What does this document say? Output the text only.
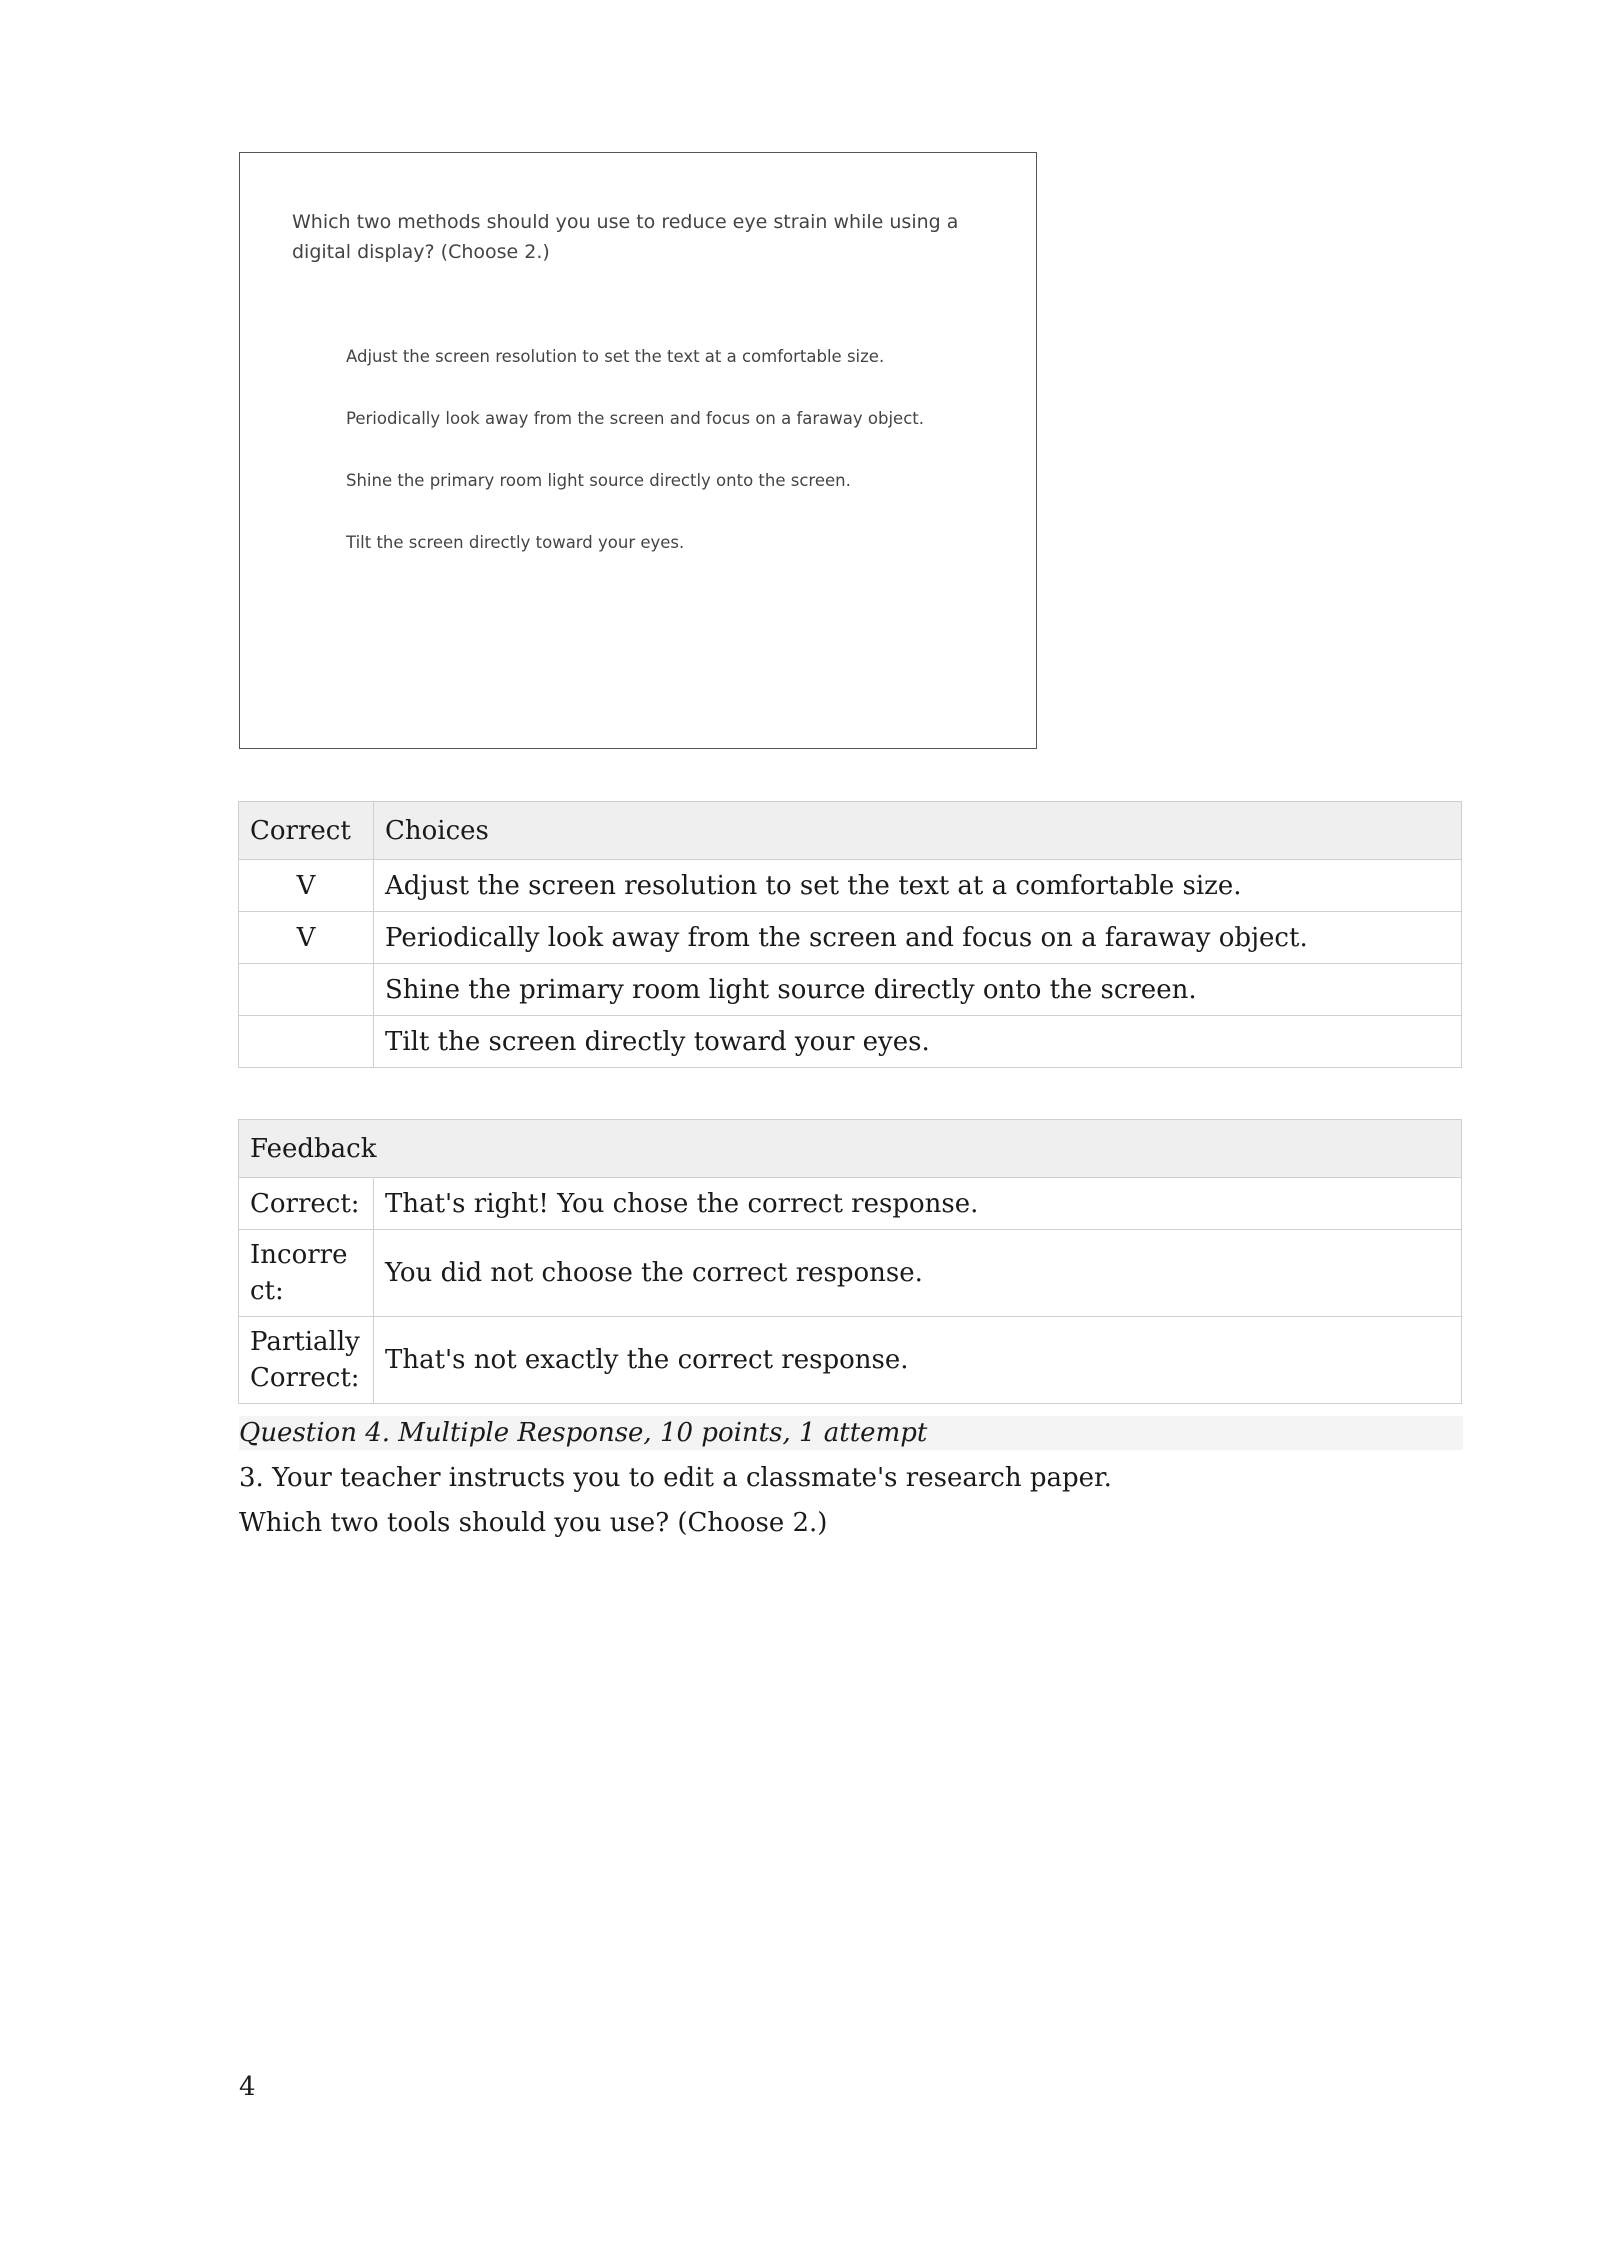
Which two methods should you use to reduce eye strain while using a digital display? (Choose 2.)
Adjust the screen resolution to set the text at a comfortable size.
Periodically look away from the screen and focus on a faraway object.
Shine the primary room light source directly onto the screen.
Tilt the screen directly toward your eyes.
Correct	Choices
V	Adjust the screen resolution to set the text at a comfortable size.
V	Periodically look away from the screen and focus on a faraway object.
	Shine the primary room light source directly onto the screen.
	Tilt the screen directly toward your eyes.
Feedback	
Correct:	That's right! You chose the correct response.
Incorrect:	You did not choose the correct response.
Partially Correct:	That's not exactly the correct response.
Question 4. Multiple Response, 10 points, 1 attempt
3. Your teacher instructs you to edit a classmate's research paper.
Which two tools should you use? (Choose 2.)
4
